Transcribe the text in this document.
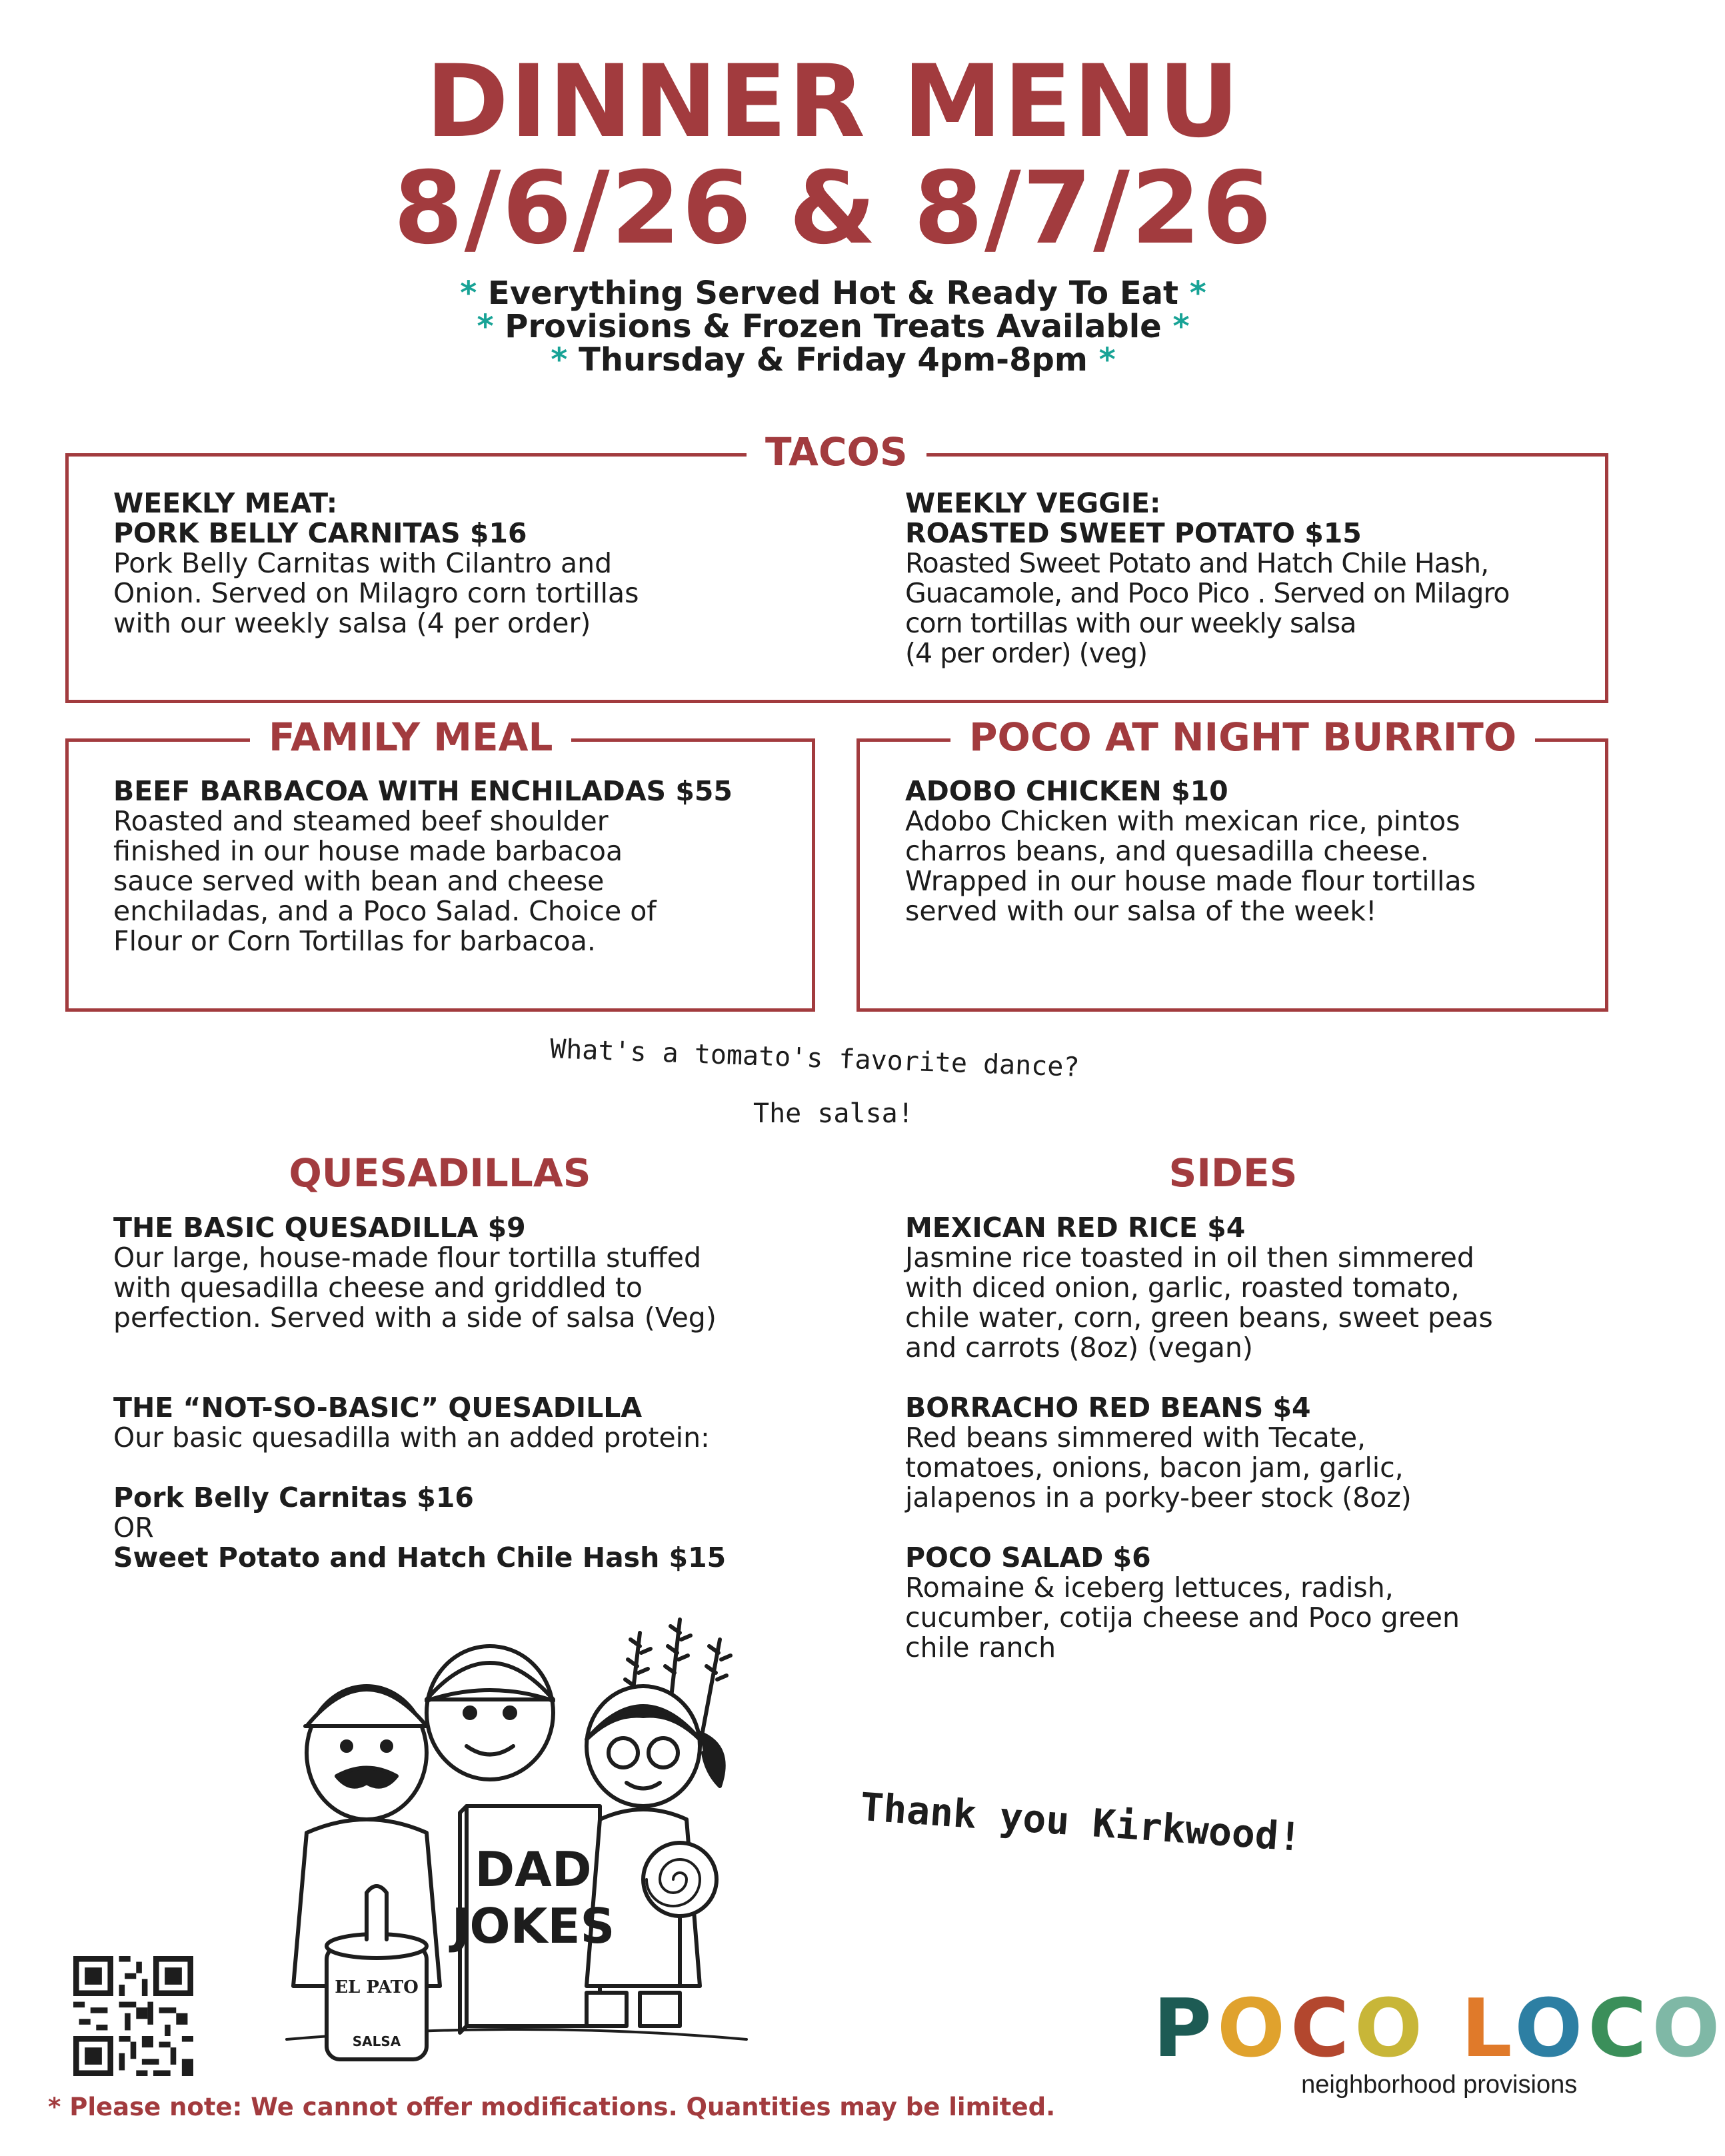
DINNER MENU
8/6/26 & 8/7/26
* Everything Served Hot & Ready To Eat *
* Provisions & Frozen Treats Available *
* Thursday & Friday 4pm-8pm *
TACOS
WEEKLY MEAT:
PORK BELLY CARNITAS $16
Pork Belly Carnitas with Cilantro and
Onion. Served on Milagro corn tortillas
with our weekly salsa (4 per order)
WEEKLY VEGGIE:
ROASTED SWEET POTATO $15
Roasted Sweet Potato and Hatch Chile Hash,
Guacamole, and Poco Pico . Served on Milagro
corn tortillas with our weekly salsa
(4 per order) (veg)
FAMILY MEAL
BEEF BARBACOA WITH ENCHILADAS $55
Roasted and steamed beef shoulder
finished in our house made barbacoa
sauce served with bean and cheese
enchiladas, and a Poco Salad. Choice of
Flour or Corn Tortillas for barbacoa.
POCO AT NIGHT BURRITO
ADOBO CHICKEN $10
Adobo Chicken with mexican rice, pintos
charros beans, and quesadilla cheese.
Wrapped in our house made flour tortillas
served with our salsa of the week!
What's a tomato's favorite dance?
The salsa!
QUESADILLAS
THE BASIC QUESADILLA $9
Our large, house-made flour tortilla stuffed
with quesadilla cheese and griddled to
perfection. Served with a side of salsa (Veg)
THE “NOT-SO-BASIC” QUESADILLA
Our basic quesadilla with an added protein:
Pork Belly Carnitas $16
OR
Sweet Potato and Hatch Chile Hash $15
SIDES
MEXICAN RED RICE $4
Jasmine rice toasted in oil then simmered
with diced onion, garlic, roasted tomato,
chile water, corn, green beans, sweet peas
and carrots (8oz) (vegan)
BORRACHO RED BEANS $4
Red beans simmered with Tecate,
tomatoes, onions, bacon jam, garlic,
jalapenos in a porky-beer stock (8oz)
POCO SALAD $6
Romaine & iceberg lettuces, radish,
cucumber, cotija cheese and Poco green
chile ranch
DAD
JOKES
EL PATO
SALSA
Thank you Kirkwood!
* Please note: We cannot offer modifications. Quantities may be limited.
POCO LOCO
neighborhood provisions
